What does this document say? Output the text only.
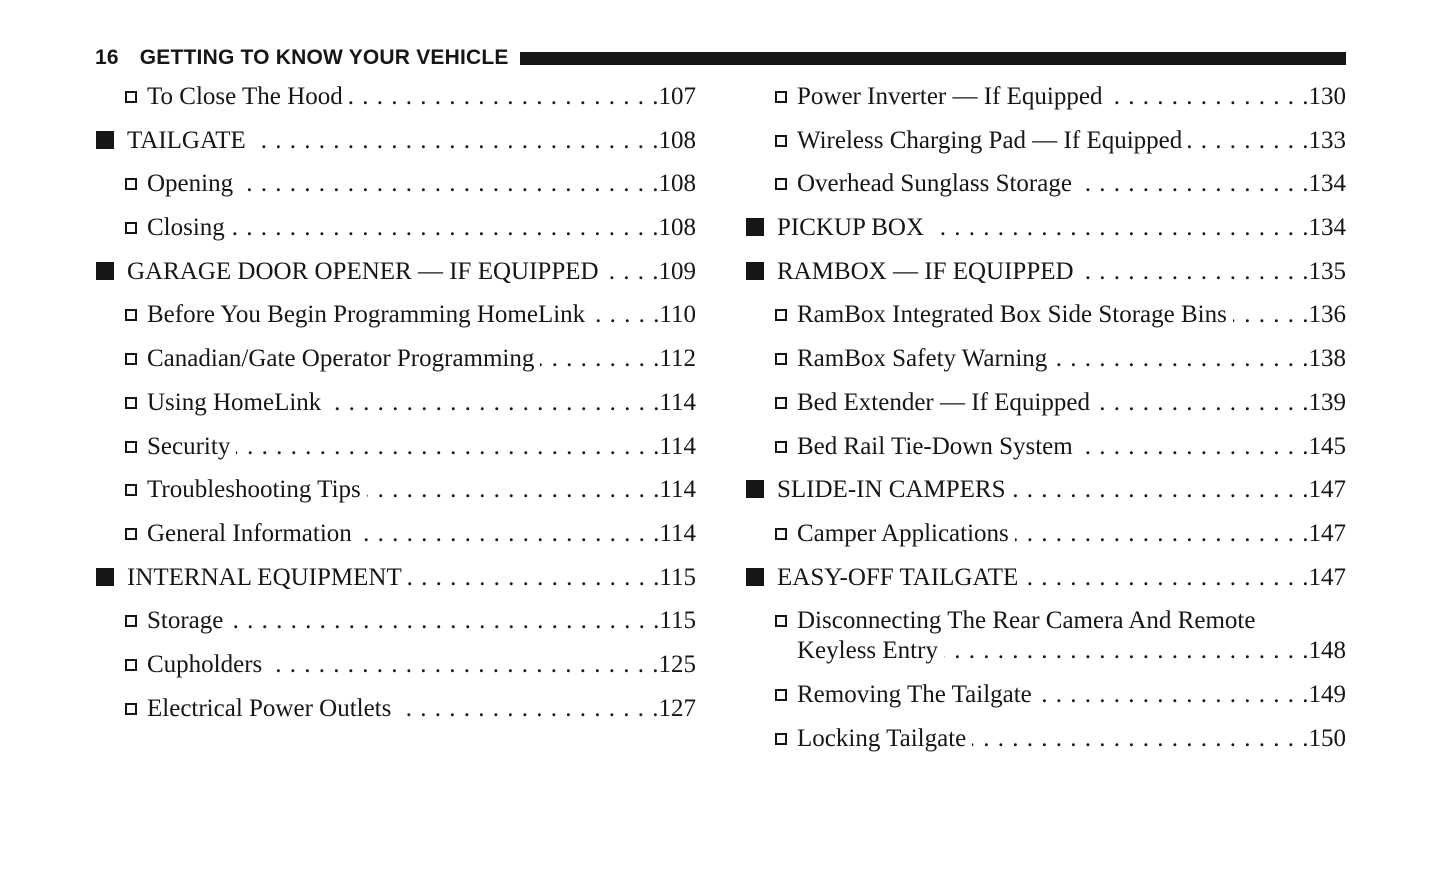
16 GETTING TO KNOW YOUR VEHICLE
To Close The Hood . . .	107
TAILGATE . . .	108
Opening . . .	108
Closing . . .	108
GARAGE DOOR OPENER — IF EQUIPPED . . . 109
Before You Begin Programming HomeLink . . .	110
Canadian/Gate Operator Programming . . .	112
Using HomeLink . . .	114
Security . . .	114
Troubleshooting Tips . . .	114
General Information . . .	114
INTERNAL EQUIPMENT . . .	115
Storage . . .	115
Cupholders . . .	125
Electrical Power Outlets . . .	127
Power Inverter — If Equipped . . .	130
Wireless Charging Pad — If Equipped . . .	133
Overhead Sunglass Storage . . .	134
PICKUP BOX . . .	134
RAMBOX — IF EQUIPPED . . .	135
RamBox Integrated Box Side Storage Bins . . .	136
RamBox Safety Warning . . .	138
Bed Extender — If Equipped . . .	139
Bed Rail Tie-Down System . . .	145
SLIDE-IN CAMPERS . . .	147
Camper Applications . . .	147
EASY-OFF TAILGATE . . .	147
Disconnecting The Rear Camera And Remote
Keyless Entry . . .	148
Removing The Tailgate . . .	149
Locking Tailgate . . .	150
